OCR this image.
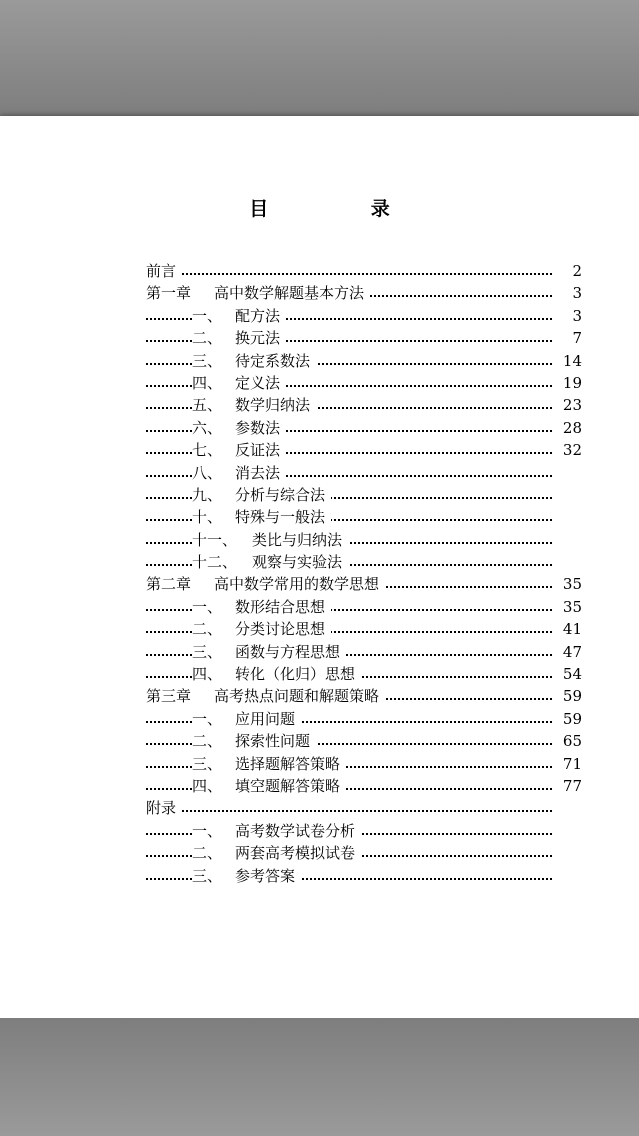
目 录
前言	2
第一章 高中数学解题基本方法	3
一、 配方法	3
二、 换元法	7
三、 待定系数法	14
四、 定义法	19
五、 数学归纳法	23
六、 参数法	28
七、 反证法	32
八、 消去法
九、 分析与综合法
十、 特殊与一般法
十一、 类比与归纳法
十二、 观察与实验法
第二章 高中数学常用的数学思想	35
一、 数形结合思想	35
二、 分类讨论思想	41
三、 函数与方程思想	47
四、 转化（化归）思想	54
第三章 高考热点问题和解题策略	59
一、 应用问题	59
二、 探索性问题	65
三、 选择题解答策略	71
四、 填空题解答策略	77
附录
一、 高考数学试卷分析
二、 两套高考模拟试卷
三、 参考答案
